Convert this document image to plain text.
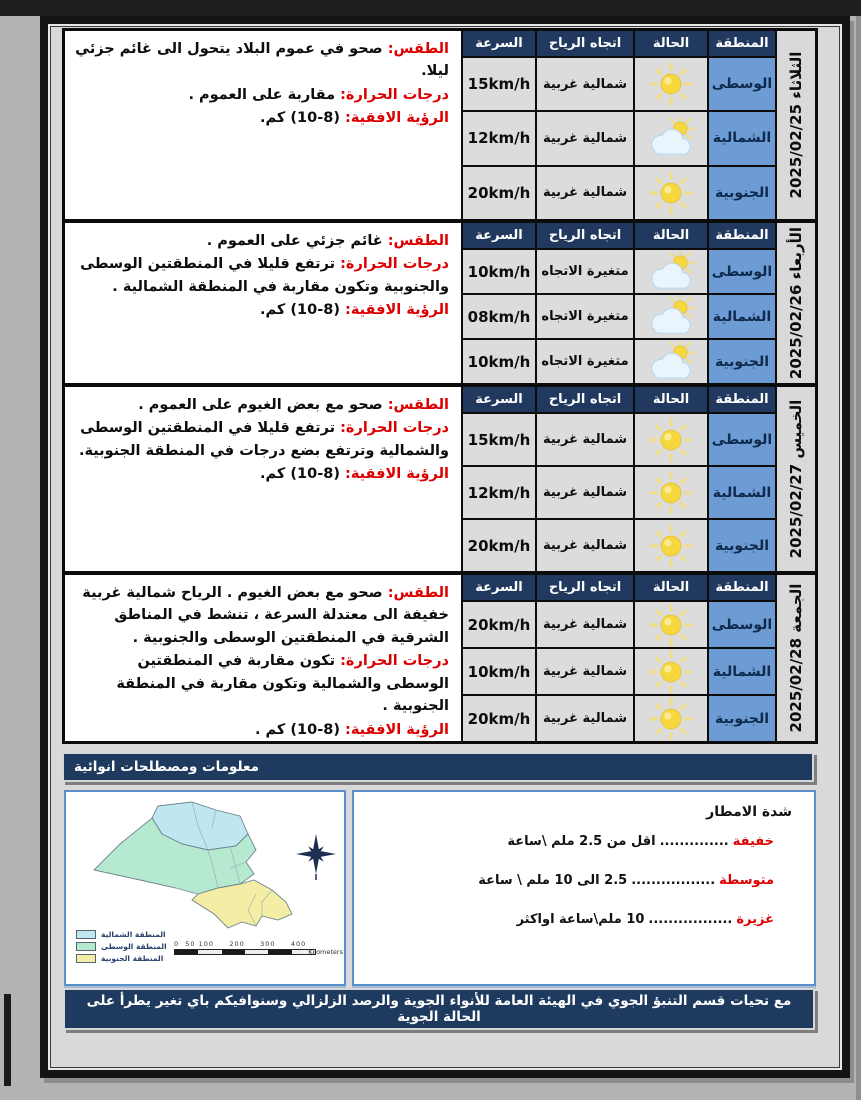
الطقس: صحو في عموم البلاد يتحول الى غائم جزئي ليلا.
درجات الحرارة: مقاربة على العموم .
الرؤية الافقية: (8-10) كم.
السرعة	اتجاه الرياح	الحالة	المنطقة
الثلاثاء 2025/02/25
15km/h شمالية غربية	الوسطى
12km/h شمالية غربية	الشمالية
20km/h شمالية غربية	الجنوبية
الطقس: غائم جزئي على العموم .
درجات الحرارة: ترتفع قليلا في المنطقتين الوسطى والجنوبية وتكون مقاربة في المنطقة الشمالية .
الرؤية الافقية: (8-10) كم.
السرعة	اتجاه الرياح	الحالة	المنطقة
الأربعاء 2025/02/26
10km/h متغيرة الاتجاه	الوسطى
08km/h متغيرة الاتجاه	الشمالية
10km/h متغيرة الاتجاه	الجنوبية
الطقس: صحو مع بعض الغيوم على العموم .
درجات الحرارة: ترتفع قليلا في المنطقتين الوسطى والشمالية وترتفع بضع درجات في المنطقة الجنوبية.
الرؤية الافقية: (8-10) كم.
السرعة	اتجاه الرياح	الحالة	المنطقة
الخميس 2025/02/27
15km/h شمالية غربية	الوسطى
12km/h شمالية غربية	الشمالية
20km/h شمالية غربية	الجنوبية
الطقس: صحو مع بعض الغيوم . الرياح شمالية غربية خفيفة الى معتدلة السرعة ، تنشط في المناطق الشرقية في المنطقتين الوسطى والجنوبية .
درجات الحرارة: تكون مقاربة في المنطقتين الوسطى والشمالية وتكون مقاربة في المنطقة الجنوبية .
الرؤية الافقية: (8-10) كم .
السرعة	اتجاه الرياح	الحالة	المنطقة
الجمعة 2025/02/28
20km/h شمالية غربية	الوسطى
10km/h شمالية غربية	الشمالية
20km/h شمالية غربية	الجنوبية
معلومات ومصطلحات انوائية
المنطقة الشمالية
المنطقة الوسطى
المنطقة الجنوبية
0  50 100     200     300     400
Kilometers
شدة الامطار
خفيفة..............اقل من 2.5 ملم \ساعة
متوسطة.................2.5 الى 10 ملم \ ساعة
غزيرة.................10 ملم\ساعة اواكثر
مع تحيات قسم التنبؤ الجوي في الهيئة العامة للأنواء الجوية والرصد الزلزالي وسنوافيكم باي تغير يطرأ على الحالة الجوية
